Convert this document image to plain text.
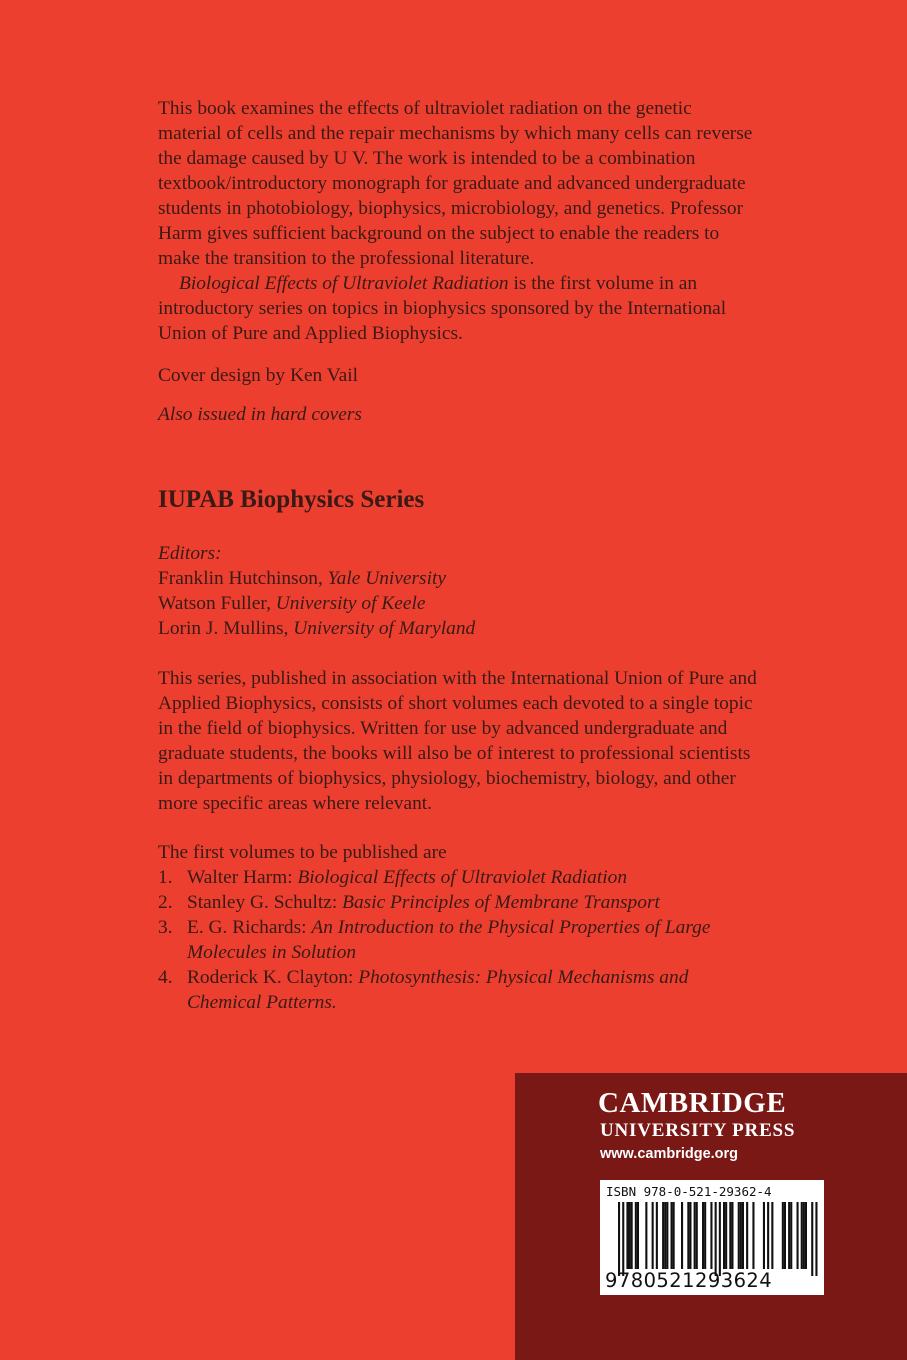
This book examines the effects of ultraviolet radiation on the genetic material of cells and the repair mechanisms by which many cells can reverse the damage caused by U V. The work is intended to be a combination textbook/introductory monograph for graduate and advanced undergraduate students in photobiology, biophysics, microbiology, and genetics. Professor Harm gives sufficient background on the subject to enable the readers to make the transition to the professional literature.

Biological Effects of Ultraviolet Radiation is the first volume in an introductory series on topics in biophysics sponsored by the International Union of Pure and Applied Biophysics.

Cover design by Ken Vail

Also issued in hard covers

IUPAB Biophysics Series
Editors:
Franklin Hutchinson, Yale University
Watson Fuller, University of Keele
Lorin J. Mullins, University of Maryland

This series, published in association with the International Union of Pure and Applied Biophysics, consists of short volumes each devoted to a single topic in the field of biophysics. Written for use by advanced undergraduate and graduate students, the books will also be of interest to professional scientists in departments of biophysics, physiology, biochemistry, biology, and other more specific areas where relevant.

The first volumes to be published are
1. Walter Harm: Biological Effects of Ultraviolet Radiation
2. Stanley G. Schultz: Basic Principles of Membrane Transport
3. E. G. Richards: An Introduction to the Physical Properties of Large Molecules in Solution
4. Roderick K. Clayton: Photosynthesis: Physical Mechanisms and Chemical Patterns.

CAMBRIDGE

UNIVERSITY PRESS

www.cambridge.org

ISBN 978-0-521-29362-4

9780521293624
